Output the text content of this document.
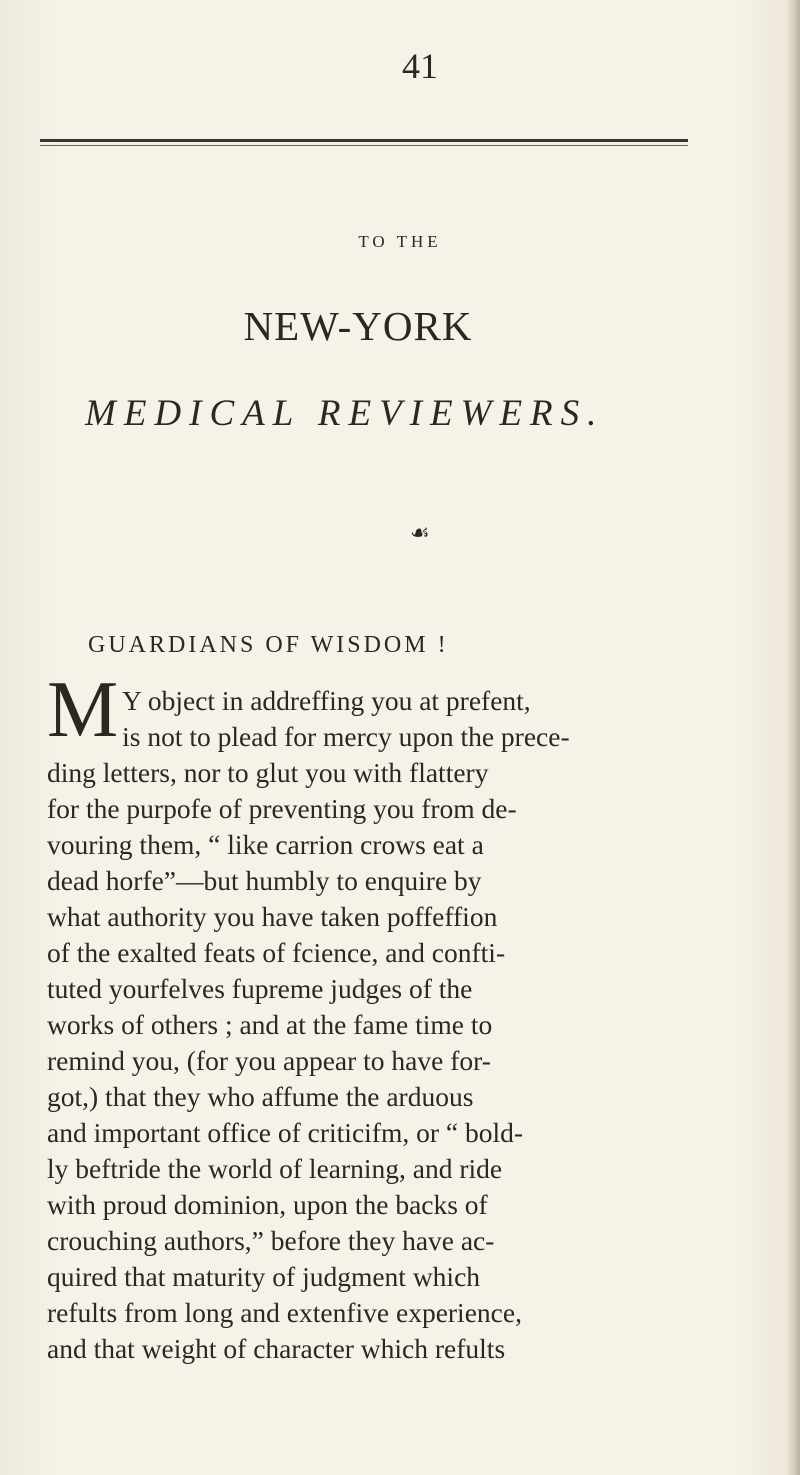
41
TO THE
NEW-YORK
MEDICAL REVIEWERS.
☙
GUARDIANS OF WISDOM !
M Y object in addreffing you at prefent,
is not to plead for mercy upon the prece-
ding letters, nor to glut you with flattery
for the purpofe of preventing you from de-
vouring them, “ like carrion crows eat a
dead horfe”—but humbly to enquire by
what authority you have taken poffeffion
of the exalted feats of fcience, and confti-
tuted yourfelves fupreme judges of the
works of others ; and at the fame time to
remind you, (for you appear to have for-
got,) that they who affume the arduous
and important office of criticifm, or “ bold-
ly beftride the world of learning, and ride
with proud dominion, upon the backs of
crouching authors,” before they have ac-
quired that maturity of judgment which
refults from long and extenfive experience,
and that weight of character which refults
